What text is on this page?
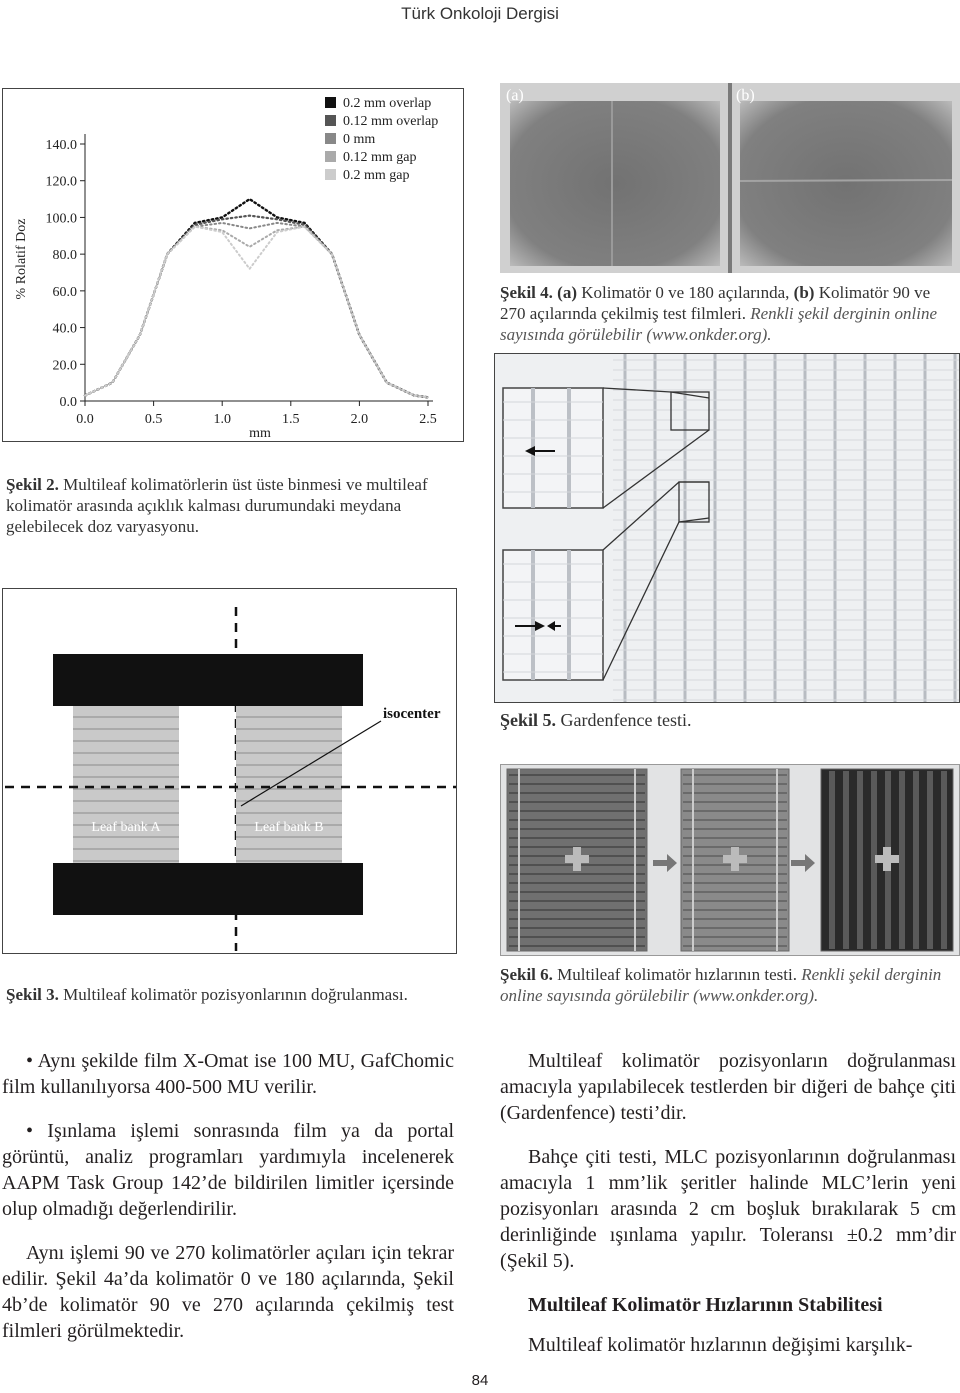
Türk Onkoloji Dergisi
0.0
20.0
40.0
60.0
80.0
100.0
120.0
140.0
0.0	0.5	1.0	1.5	2.0	2.5
0.2 mm overlap
0.12 mm overlap
0 mm
0.12 mm gap
0.2 mm gap
% Rolatif Doz
mm
Şekil 2. Multileaf kolimatörlerin üst üste binmesi ve multileaf kolimatör arasında açıklık kalması durumundaki meydana gelebilecek doz varyasyonu.
isocenter
Leaf bank A	Leaf bank B
Şekil 3. Multileaf kolimatör pozisyonlarının doğrulanması.
(a)	(b)
Şekil 4. (a) Kolimatör 0 ve 180 açılarında, (b) Kolimatör 90 ve 270 açılarında çekilmiş test filmleri. Renkli şekil derginin online sayısında görülebilir (www.onkder.org).
Şekil 5. Gardenfence testi.
Şekil 6. Multileaf kolimatör hızlarının testi. Renkli şekil derginin online sayısında görülebilir (www.onkder.org).

• Aynı şekilde film X-Omat ise 100 MU, GafChomic film kullanılıyorsa 400-500 MU verilir.

• Işınlama işlemi sonrasında film ya da portal görüntü, analiz programları yardımıyla incelenerek AAPM Task Group 142’de bildirilen limitler içersinde olup olmadığı değerlendirilir.

Aynı işlemi 90 ve 270 kolimatörler açıları için tekrar edilir. Şekil 4a’da kolimatör 0 ve 180 açılarında, Şekil 4b’de kolimatör 90 ve 270 açılarında çekilmiş test filmleri görülmektedir.

Multileaf kolimatör pozisyonların doğrulanması amacıyla yapılabilecek testlerden bir diğeri de bahçe çiti (Gardenfence) testi’dir.

Bahçe çiti testi, MLC pozisyonlarının doğrulanması amacıyla 1 mm’lik şeritler halinde MLC’lerin yeni pozisyonları arasında 2 cm boşluk bırakılarak 5 cm derinliğinde ışınlama yapılır. Toleransı ±0.2 mm’dir (Şekil 5).

Multileaf Kolimatör Hızlarının Stabilitesi

Multileaf kolimatör hızlarının değişimi karşılık-

84
